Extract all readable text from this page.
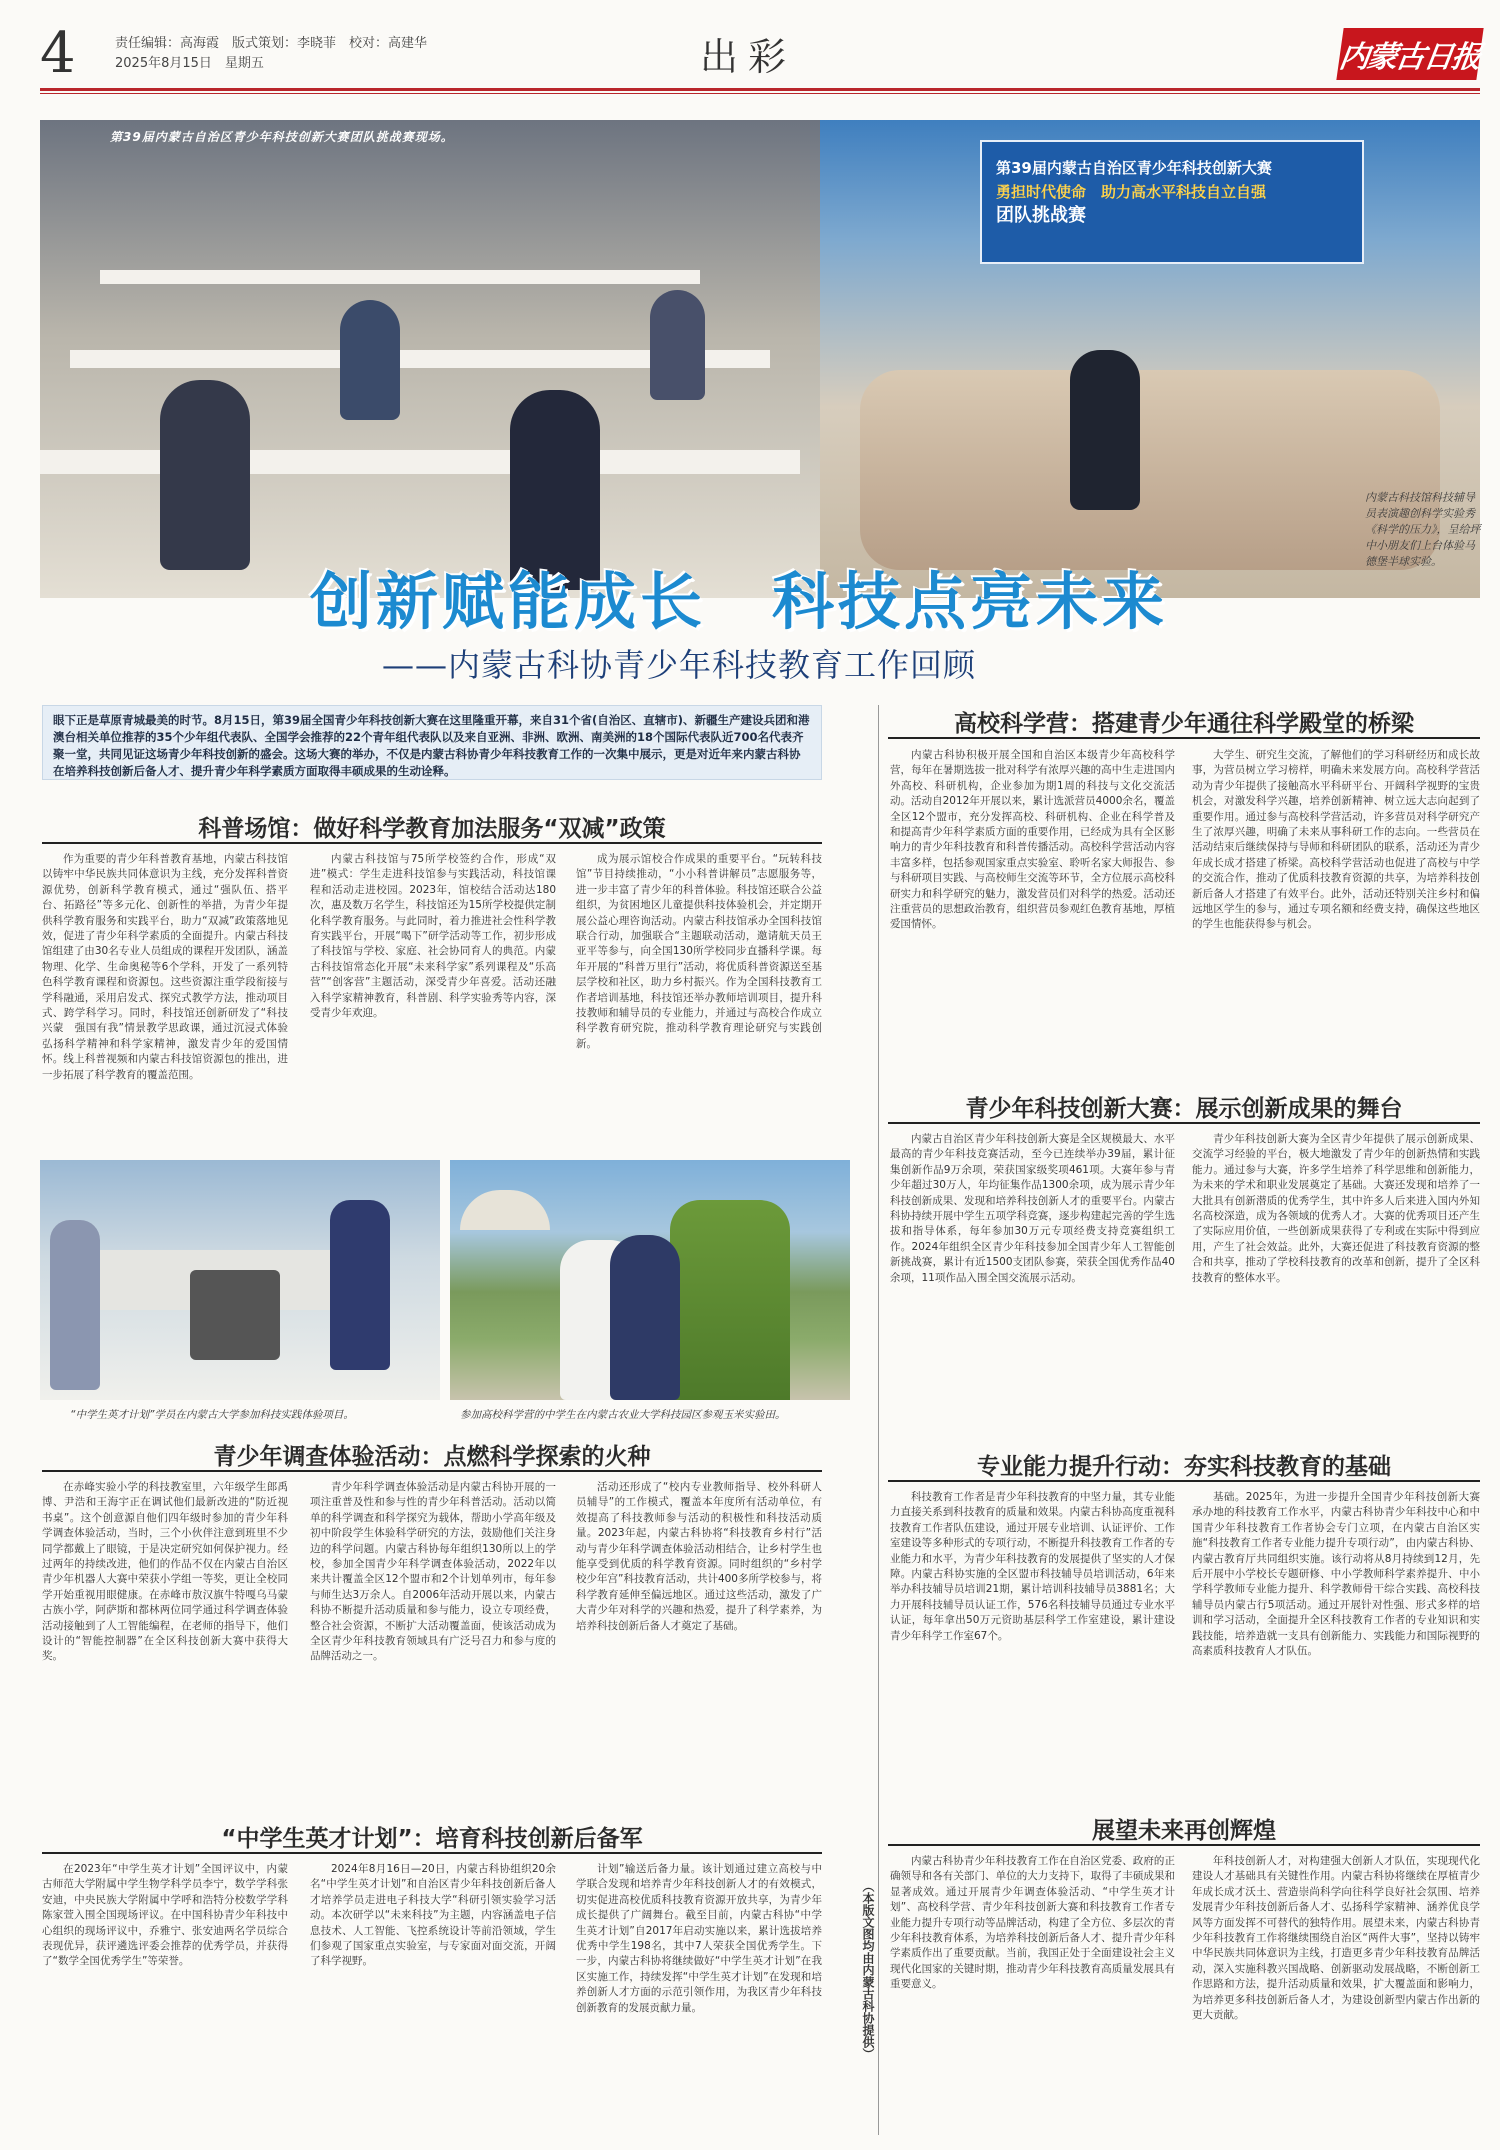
4	责任编辑：高海霞　版式策划：李晓菲　校对：高建华
2025年8月15日　星期五	出彩	内蒙古日报
第39届内蒙古自治区青少年科技创新大赛
勇担时代使命　助力高水平科技自立自强
团队挑战赛
第39届内蒙古自治区青少年科技创新大赛团队挑战赛现场。
内蒙古科技馆科技辅导员表演趣创科学实验秀《科学的压力》，呈给坪中小朋友们上台体验马德堡半球实验。
创新赋能成长　科技点亮未来
——内蒙古科协青少年科技教育工作回顾
眼下正是草原青城最美的时节。8月15日，第39届全国青少年科技创新大赛在这里隆重开幕，来自31个省(自治区、直辖市)、新疆生产建设兵团和港澳台相关单位推荐的35个少年组代表队、全国学会推荐的22个青年组代表队以及来自亚洲、非洲、欧洲、南美洲的18个国际代表队近700名代表齐聚一堂，共同见证这场青少年科技创新的盛会。这场大赛的举办，不仅是内蒙古科协青少年科技教育工作的一次集中展示，更是对近年来内蒙古科协在培养科技创新后备人才、提升青少年科学素质方面取得丰硕成果的生动诠释。
科普场馆：做好科学教育加法服务“双减”政策

作为重要的青少年科普教育基地，内蒙古科技馆以铸牢中华民族共同体意识为主线，充分发挥科普资源优势，创新科学教育模式，通过“强队伍、搭平台、拓路径”等多元化、创新性的举措，为青少年提供科学教育服务和实践平台，助力“双减”政策落地见效，促进了青少年科学素质的全面提升。内蒙古科技馆组建了由30名专业人员组成的课程开发团队，涵盖物理、化学、生命奥秘等6个学科，开发了一系列特色科学教育课程和资源包。这些资源注重学段衔接与学科融通，采用启发式、探究式教学方法，推动项目式、跨学科学习。同时，科技馆还创新研发了“科技兴蒙　强国有我”情景教学思政课，通过沉浸式体验弘扬科学精神和科学家精神，激发青少年的爱国情怀。线上科普视频和内蒙古科技馆资源包的推出，进一步拓展了科学教育的覆盖范围。

内蒙古科技馆与75所学校签约合作，形成“双进”模式：学生走进科技馆参与实践活动，科技馆课程和活动走进校园。2023年，馆校结合活动达180次，惠及数万名学生，科技馆还为15所学校提供定制化科学教育服务。与此同时，着力推进社会性科学教育实践平台，开展“喝下”研学活动等工作，初步形成了科技馆与学校、家庭、社会协同育人的典范。内蒙古科技馆常态化开展“未来科学家”系列课程及“乐高营”“创客营”主题活动，深受青少年喜爱。活动还融入科学家精神教育，科普剧、科学实验秀等内容，深受青少年欢迎。

成为展示馆校合作成果的重要平台。“玩转科技馆”节目持续推动，“小小科普讲解员”志愿服务等，进一步丰富了青少年的科普体验。科技馆还联合公益组织，为贫困地区儿童提供科技体验机会，并定期开展公益心理咨询活动。内蒙古科技馆承办全国科技馆联合行动，加强联合“主题联动活动，邀请航天员王亚平等参与，向全国130所学校同步直播科学课。每年开展的“科普万里行”活动，将优质科普资源送至基层学校和社区，助力乡村振兴。作为全国科技教育工作者培训基地，科技馆还举办教师培训项目，提升科技教师和辅导员的专业能力，并通过与高校合作成立科学教育研究院，推动科学教育理论研究与实践创新。

“中学生英才计划”学员在内蒙古大学参加科技实践体验项目。	参加高校科学营的中学生在内蒙古农业大学科技园区参观玉米实验田。
青少年调查体验活动：点燃科学探索的火种

在赤峰实验小学的科技教室里，六年级学生郎禹博、尹浩和王海宇正在调试他们最新改进的“防近视书桌”。这个创意源自他们四年级时参加的青少年科学调查体验活动，当时，三个小伙伴注意到班里不少同学都戴上了眼镜，于是决定研究如何保护视力。经过两年的持续改进，他们的作品不仅在内蒙古自治区青少年机器人大赛中荣获小学组一等奖，更让全校同学开始重视用眼健康。在赤峰市敖汉旗牛特嘎乌马蒙古族小学，阿萨斯和都林两位同学通过科学调查体验活动接触到了人工智能编程，在老师的指导下，他们设计的“智能控制器”在全区科技创新大赛中获得大奖。

青少年科学调查体验活动是内蒙古科协开展的一项注重普及性和参与性的青少年科普活动。活动以简单的科学调查和科学探究为载体，帮助小学高年级及初中阶段学生体验科学研究的方法，鼓励他们关注身边的科学问题。内蒙古科协每年组织130所以上的学校，参加全国青少年科学调查体验活动，2022年以来共计覆盖全区12个盟市和2个计划单列市，每年参与师生达3万余人。自2006年活动开展以来，内蒙古科协不断提升活动质量和参与能力，设立专项经费，整合社会资源，不断扩大活动覆盖面，使该活动成为全区青少年科技教育领域具有广泛号召力和参与度的品牌活动之一。

活动还形成了“校内专业教师指导、校外科研人员辅导”的工作模式，覆盖本年度所有活动单位，有效提高了科技教师参与活动的积极性和科技活动质量。2023年起，内蒙古科协将“科技教育乡村行”活动与青少年科学调查体验活动相结合，让乡村学生也能享受到优质的科学教育资源。同时组织的“乡村学校少年宫”科技教育活动，共计400多所学校参与，将科学教育延伸至偏远地区。通过这些活动，激发了广大青少年对科学的兴趣和热爱，提升了科学素养，为培养科技创新后备人才奠定了基础。

“中学生英才计划”：培育科技创新后备军

在2023年“中学生英才计划”全国评议中，内蒙古师范大学附属中学生物学科学员李宁，数学学科张安迪，中央民族大学附属中学呼和浩特分校数学学科陈家萱入围全国现场评议。在中国科协青少年科技中心组织的现场评议中，乔雅宁、张安迪两名学员综合表现优异，获评遴选评委会推荐的优秀学员，并获得了“数学全国优秀学生”等荣誉。

2024年8月16日—20日，内蒙古科协组织20余名“中学生英才计划”和自治区青少年科技创新后备人才培养学员走进电子科技大学“科研引领实验学习活动。本次研学以“未来科技”为主题，内容涵盖电子信息技术、人工智能、飞控系统设计等前沿领域，学生们参观了国家重点实验室，与专家面对面交流，开阔了科学视野。

计划”输送后备力量。该计划通过建立高校与中学联合发现和培养青少年科技创新人才的有效模式，切实促进高校优质科技教育资源开放共享，为青少年成长提供了广阔舞台。截至目前，内蒙古科协“中学生英才计划”自2017年启动实施以来，累计选拔培养优秀中学生198名，其中7人荣获全国优秀学生。下一步，内蒙古科协将继续做好“中学生英才计划”在我区实施工作，持续发挥“中学生英才计划”在发现和培养创新人才方面的示范引领作用，为我区青少年科技创新教育的发展贡献力量。	（本版文图均由内蒙古科协提供）
高校科学营：搭建青少年通往科学殿堂的桥梁

内蒙古科协积极开展全国和自治区本级青少年高校科学营，每年在暑期选拔一批对科学有浓厚兴趣的高中生走进国内外高校、科研机构，企业参加为期1周的科技与文化交流活动。活动自2012年开展以来，累计选派营员4000余名，覆盖全区12个盟市，充分发挥高校、科研机构、企业在科学普及和提高青少年科学素质方面的重要作用，已经成为具有全区影响力的青少年科技教育和科普传播活动。高校科学营活动内容丰富多样，包括参观国家重点实验室、聆听名家大师报告、参与科研项目实践、与高校师生交流等环节，全方位展示高校科研实力和科学研究的魅力，激发营员们对科学的热爱。活动还注重营员的思想政治教育，组织营员参观红色教育基地，厚植爱国情怀。

大学生、研究生交流，了解他们的学习科研经历和成长故事，为营员树立学习榜样，明确未来发展方向。高校科学营活动为青少年提供了接触高水平科研平台、开阔科学视野的宝贵机会，对激发科学兴趣，培养创新精神、树立远大志向起到了重要作用。通过参与高校科学营活动，许多营员对科学研究产生了浓厚兴趣，明确了未来从事科研工作的志向。一些营员在活动结束后继续保持与导师和科研团队的联系，活动还为青少年成长成才搭建了桥梁。高校科学营活动也促进了高校与中学的交流合作，推动了优质科技教育资源的共享，为培养科技创新后备人才搭建了有效平台。此外，活动还特别关注乡村和偏远地区学生的参与，通过专项名额和经费支持，确保这些地区的学生也能获得参与机会。

青少年科技创新大赛：展示创新成果的舞台

内蒙古自治区青少年科技创新大赛是全区规模最大、水平最高的青少年科技竞赛活动，至今已连续举办39届，累计征集创新作品9万余项，荣获国家级奖项461项。大赛年参与青少年超过30万人，年均征集作品1300余项，成为展示青少年科技创新成果、发现和培养科技创新人才的重要平台。内蒙古科协持续开展中学生五项学科竞赛，逐步构建起完善的学生选拔和指导体系，每年参加30万元专项经费支持竞赛组织工作。2024年组织全区青少年科技参加全国青少年人工智能创新挑战赛，累计有近1500支团队参赛，荣获全国优秀作品40余项，11项作品入围全国交流展示活动。

青少年科技创新大赛为全区青少年提供了展示创新成果、交流学习经验的平台，极大地激发了青少年的创新热情和实践能力。通过参与大赛，许多学生培养了科学思维和创新能力，为未来的学术和职业发展奠定了基础。大赛还发现和培养了一大批具有创新潜质的优秀学生，其中许多人后来进入国内外知名高校深造，成为各领域的优秀人才。大赛的优秀项目还产生了实际应用价值，一些创新成果获得了专利或在实际中得到应用，产生了社会效益。此外，大赛还促进了科技教育资源的整合和共享，推动了学校科技教育的改革和创新，提升了全区科技教育的整体水平。

专业能力提升行动：夯实科技教育的基础

科技教育工作者是青少年科技教育的中坚力量，其专业能力直接关系到科技教育的质量和效果。内蒙古科协高度重视科技教育工作者队伍建设，通过开展专业培训、认证评价、工作室建设等多种形式的专项行动，不断提升科技教育工作者的专业能力和水平，为青少年科技教育的发展提供了坚实的人才保障。内蒙古科协实施的全区盟市科技辅导员培训活动，6年来举办科技辅导员培训21期，累计培训科技辅导员3881名；大力开展科技辅导员认证工作，576名科技辅导员通过专业水平认证，每年拿出50万元资助基层科学工作室建设，累计建设青少年科学工作室67个。

基础。2025年，为进一步提升全国青少年科技创新大赛承办地的科技教育工作水平，内蒙古科协青少年科技中心和中国青少年科技教育工作者协会专门立项，在内蒙古自治区实施“科技教育工作者专业能力提升专项行动”，由内蒙古科协、内蒙古教育厅共同组织实施。该行动将从8月持续到12月，先后开展中小学校长专题研修、中小学教师科学素养提升、中小学科学教师专业能力提升、科学教师骨干综合实践、高校科技辅导员内蒙古行5项活动。通过开展针对性强、形式多样的培训和学习活动，全面提升全区科技教育工作者的专业知识和实践技能，培养造就一支具有创新能力、实践能力和国际视野的高素质科技教育人才队伍。

展望未来再创辉煌

内蒙古科协青少年科技教育工作在自治区党委、政府的正确领导和各有关部门、单位的大力支持下，取得了丰硕成果和显著成效。通过开展青少年调查体验活动、“中学生英才计划”、高校科学营、青少年科技创新大赛和科技教育工作者专业能力提升专项行动等品牌活动，构建了全方位、多层次的青少年科技教育体系，为培养科技创新后备人才、提升青少年科学素质作出了重要贡献。当前，我国正处于全面建设社会主义现代化国家的关键时期，推动青少年科技教育高质量发展具有重要意义。

年科技创新人才，对构建强大创新人才队伍，实现现代化建设人才基础具有关键性作用。内蒙古科协将继续在厚植青少年成长成才沃土、营造崇尚科学向往科学良好社会氛围、培养发展青少年科技创新后备人才、弘扬科学家精神、涵养优良学风等方面发挥不可替代的独特作用。展望未来，内蒙古科协青少年科技教育工作将继续围绕自治区“两件大事”，坚持以铸牢中华民族共同体意识为主线，打造更多青少年科技教育品牌活动，深入实施科教兴国战略、创新驱动发展战略，不断创新工作思路和方法，提升活动质量和效果，扩大覆盖面和影响力，为培养更多科技创新后备人才，为建设创新型内蒙古作出新的更大贡献。
